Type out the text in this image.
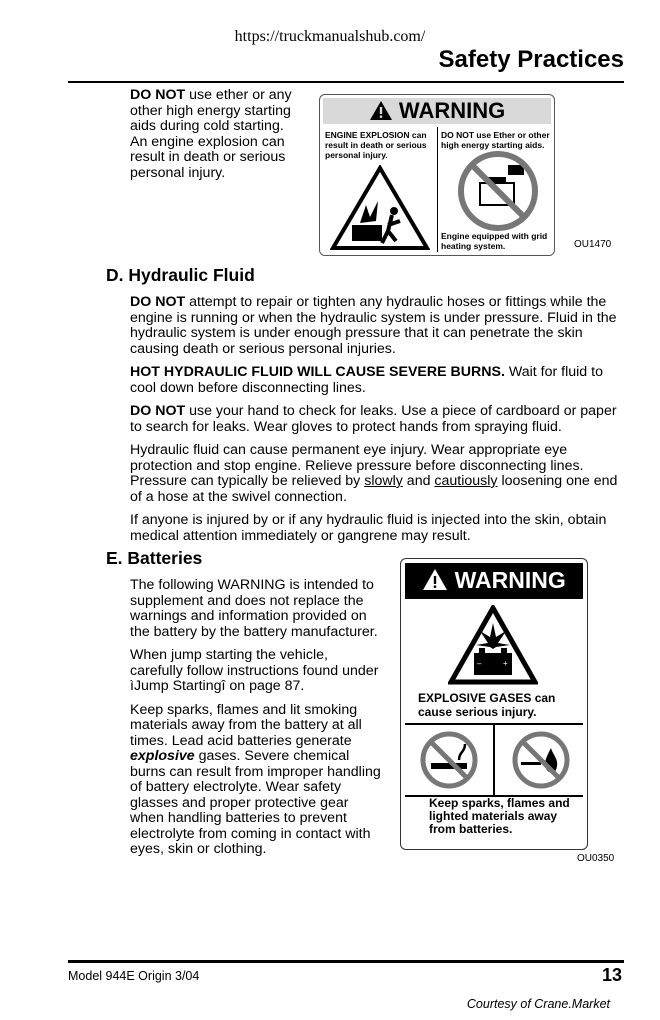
https://truckmanualshub.com/
Safety Practices
DO NOT use ether or any other high energy starting aids during cold starting. An engine explosion can result in death or serious personal injury.
WARNING
ENGINE EXPLOSION can result in death or serious personal injury.
DO NOT use Ether or other high energy starting aids.
Engine equipped with grid heating system.	OU1470
D. Hydraulic Fluid

DO NOT attempt to repair or tighten any hydraulic hoses or fittings while the engine is running or when the hydraulic system is under pressure. Fluid in the hydraulic system is under enough pressure that it can penetrate the skin causing death or serious personal injuries.

HOT HYDRAULIC FLUID WILL CAUSE SEVERE BURNS. Wait for fluid to cool down before disconnecting lines.

DO NOT use your hand to check for leaks. Use a piece of cardboard or paper to search for leaks. Wear gloves to protect hands from spraying fluid.

Hydraulic fluid can cause permanent eye injury. Wear appropriate eye protection and stop engine. Relieve pressure before disconnecting lines. Pressure can typically be relieved by slowly and cautiously loosening one end of a hose at the swivel connection.

If anyone is injured by or if any hydraulic fluid is injected into the skin, obtain medical attention immediately or gangrene may result.

E. Batteries

The following WARNING is intended to supplement and does not replace the warnings and information provided on the battery by the battery manufacturer.

When jump starting the vehicle, carefully follow instructions found under ìJump Startingî on page 87.

Keep sparks, flames and lit smoking materials away from the battery at all times. Lead acid batteries generate explosive gases. Severe chemical burns can result from improper handling of battery electrolyte. Wear safety glasses and proper protective gear when handling batteries to prevent electrolyte from coming in contact with eyes, skin or clothing.

WARNING
–	+
EXPLOSIVE GASES can cause serious injury.
Keep sparks, flames and lighted materials away from batteries.
OU0350
Model 944E Origin 3/04	13
Courtesy of Crane.Market
